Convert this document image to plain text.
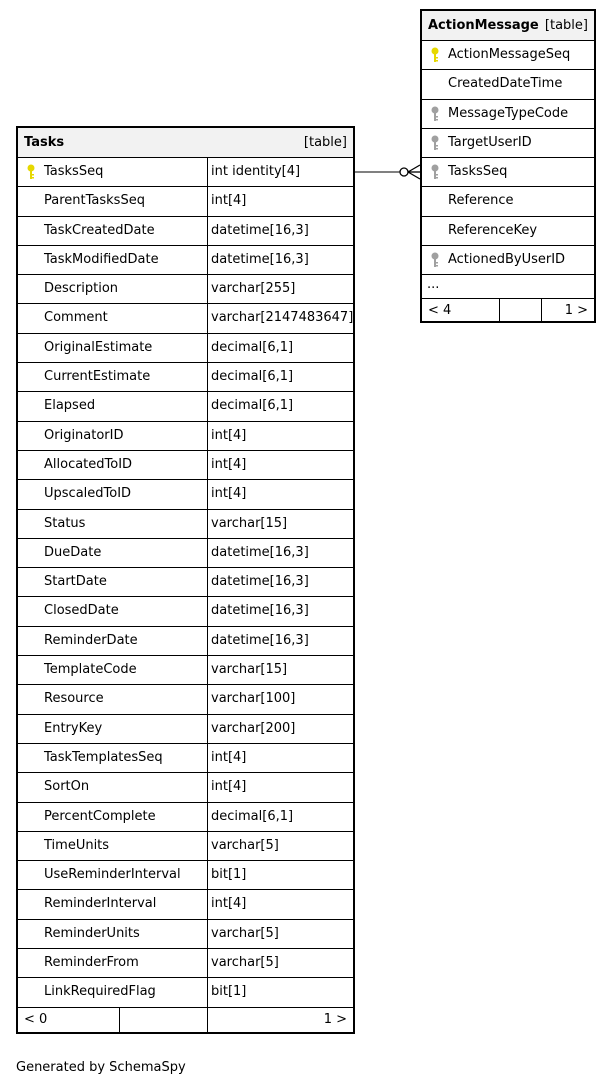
Tasks	[table]
TasksSeq	int identity[4]
ParentTasksSeq	int[4]
TaskCreatedDate	datetime[16,3]
TaskModifiedDate	datetime[16,3]
Description	varchar[255]
Comment	varchar[2147483647]
OriginalEstimate	decimal[6,1]
CurrentEstimate	decimal[6,1]
Elapsed	decimal[6,1]
OriginatorID	int[4]
AllocatedToID	int[4]
UpscaledToID	int[4]
Status	varchar[15]
DueDate	datetime[16,3]
StartDate	datetime[16,3]
ClosedDate	datetime[16,3]
ReminderDate	datetime[16,3]
TemplateCode	varchar[15]
Resource	varchar[100]
EntryKey	varchar[200]
TaskTemplatesSeq	int[4]
SortOn	int[4]
PercentComplete	decimal[6,1]
TimeUnits	varchar[5]
UseReminderInterval bit[1]
ReminderInterval	int[4]
ReminderUnits	varchar[5]
ReminderFrom	varchar[5]
LinkRequiredFlag	bit[1]
< 0	1 >
ActionMessage [table]
ActionMessageSeq
CreatedDateTime
MessageTypeCode
TargetUserID
TasksSeq
Reference
ReferenceKey
ActionedByUserID
...
< 4	1 >
Generated by SchemaSpy
